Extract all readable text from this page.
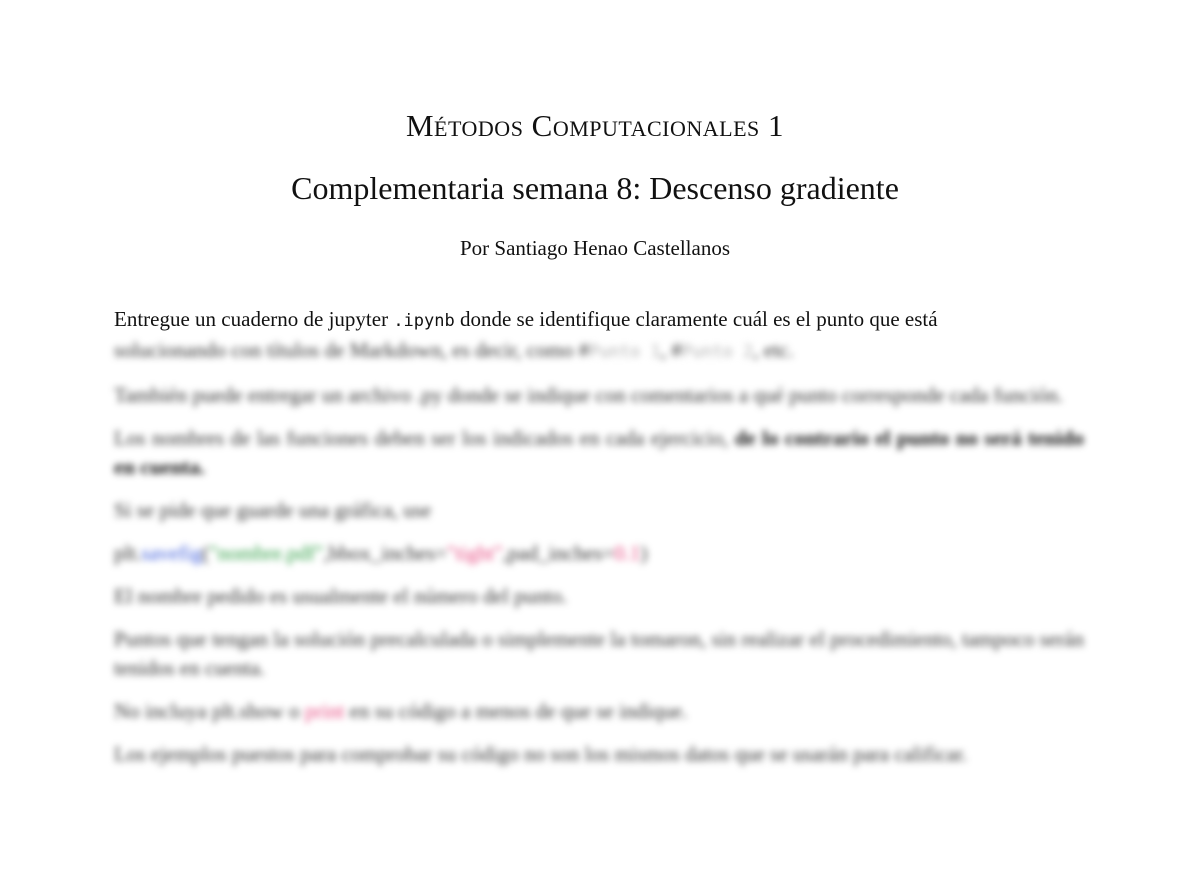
Métodos Computacionales 1
Complementaria semana 8: Descenso gradiente
Por Santiago Henao Castellanos
Entregue un cuaderno de jupyter .ipynb donde se identifique claramente cuál es el punto que está
solucionando con títulos de Markdown, es decir, como #Punto 1, #Punto 2, etc.
También puede entregar un archivo .py donde se indique con comentarios a qué punto corresponde cada función.
Los nombres de las funciones deben ser los indicados en cada ejercicio, de lo contrario el punto no será tenido en cuenta.
Si se pide que guarde una gráfica, use
plt.savefig("nombre.pdf",bbox_inches="tight",pad_inches=0.1)
El nombre pedido es usualmente el número del punto.
Puntos que tengan la solución precalculada o simplemente la tomaron, sin realizar el procedimiento, tampoco serán tenidos en cuenta.
No incluya plt.show o print en su código a menos de que se indique.
Los ejemplos puestos para comprobar su código no son los mismos datos que se usarán para calificar.
